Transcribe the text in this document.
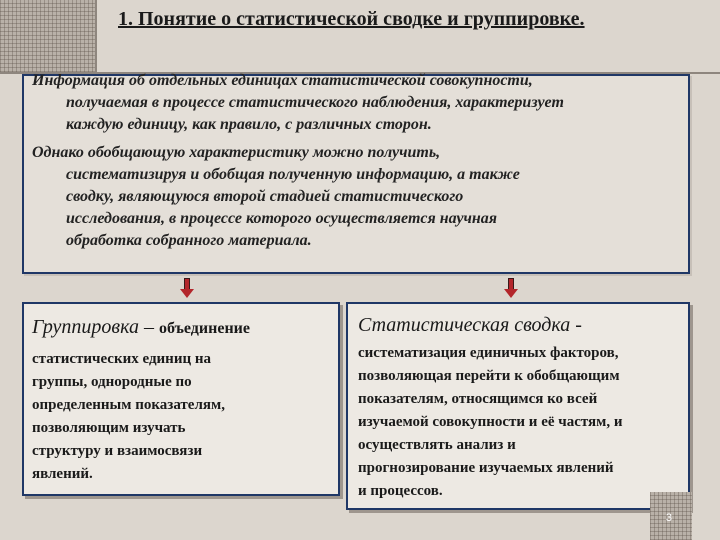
1. Понятие о статистической сводке и группировке.

Информация об отдельных единицах статистической совокупности,
получаемая в процессе статистического наблюдения, характеризует
каждую единицу, как правило, с различных сторон.

Однако обобщающую характеристику можно получить,
систематизируя и обобщая полученную информацию, а также
сводку, являющуюся второй стадией статистического
исследования, в процессе которого осуществляется научная
обработка собранного материала.

Группировка – объединение
статистических единиц на
группы, однородные по
определенным показателям,
позволяющим изучать
структуру и взаимосвязи
явлений.
Статистическая сводка -
систематизация единичных факторов,
позволяющая перейти к обобщающим
показателям, относящимся ко всей
изучаемой совокупности и её частям, и
осуществлять анализ и
прогнозирование изучаемых явлений
и процессов.
3
